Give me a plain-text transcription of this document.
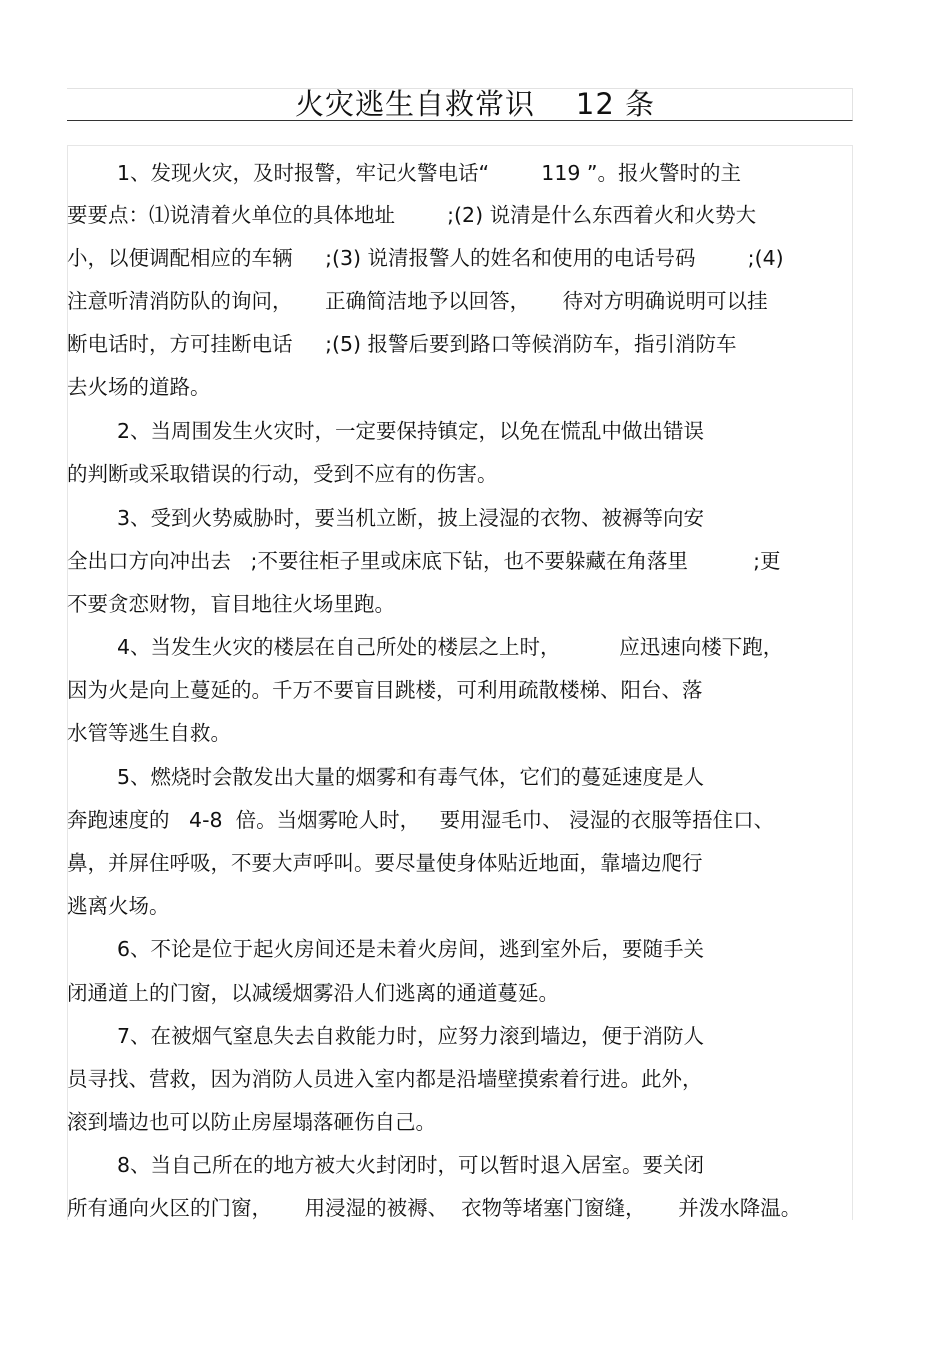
火灾逃生自救常识    12 条
1、发现火灾，及时报警，牢记火警电话“        119 ”。报火警时的主
要要点：⑴说清着火单位的具体地址        ;(2) 说清是什么东西着火和火势大
小，以便调配相应的车辆     ;(3) 说清报警人的姓名和使用的电话号码        ;(4)
注意听清消防队的询问，     正确简洁地予以回答，     待对方明确说明可以挂
断电话时，方可挂断电话     ;(5) 报警后要到路口等候消防车，指引消防车
去火场的道路。
2、当周围发生火灾时，一定要保持镇定，以免在慌乱中做出错误
的判断或采取错误的行动，受到不应有的伤害。
3、受到火势威胁时，要当机立断，披上浸湿的衣物、被褥等向安
全出口方向冲出去   ;不要往柜子里或床底下钻，也不要躲藏在角落里          ;更
不要贪恋财物，盲目地往火场里跑。
4、当发生火灾的楼层在自己所处的楼层之上时，         应迅速向楼下跑，
因为火是向上蔓延的。千万不要盲目跳楼，可利用疏散楼梯、阳台、落
水管等逃生自救。
5、燃烧时会散发出大量的烟雾和有毒气体，它们的蔓延速度是人
奔跑速度的   4-8  倍。当烟雾呛人时，   要用湿毛巾、 浸湿的衣服等捂住口、
鼻，并屏住呼吸，不要大声呼叫。要尽量使身体贴近地面，靠墙边爬行
逃离火场。
6、不论是位于起火房间还是未着火房间，逃到室外后，要随手关
闭通道上的门窗，以减缓烟雾沿人们逃离的通道蔓延。
7、在被烟气窒息失去自救能力时，应努力滚到墙边，便于消防人
员寻找、营救，因为消防人员进入室内都是沿墙壁摸索着行进。此外，
滚到墙边也可以防止房屋塌落砸伤自己。
8、当自己所在的地方被大火封闭时，可以暂时退入居室。要关闭
所有通向火区的门窗，     用浸湿的被褥、  衣物等堵塞门窗缝，     并泼水降温。
